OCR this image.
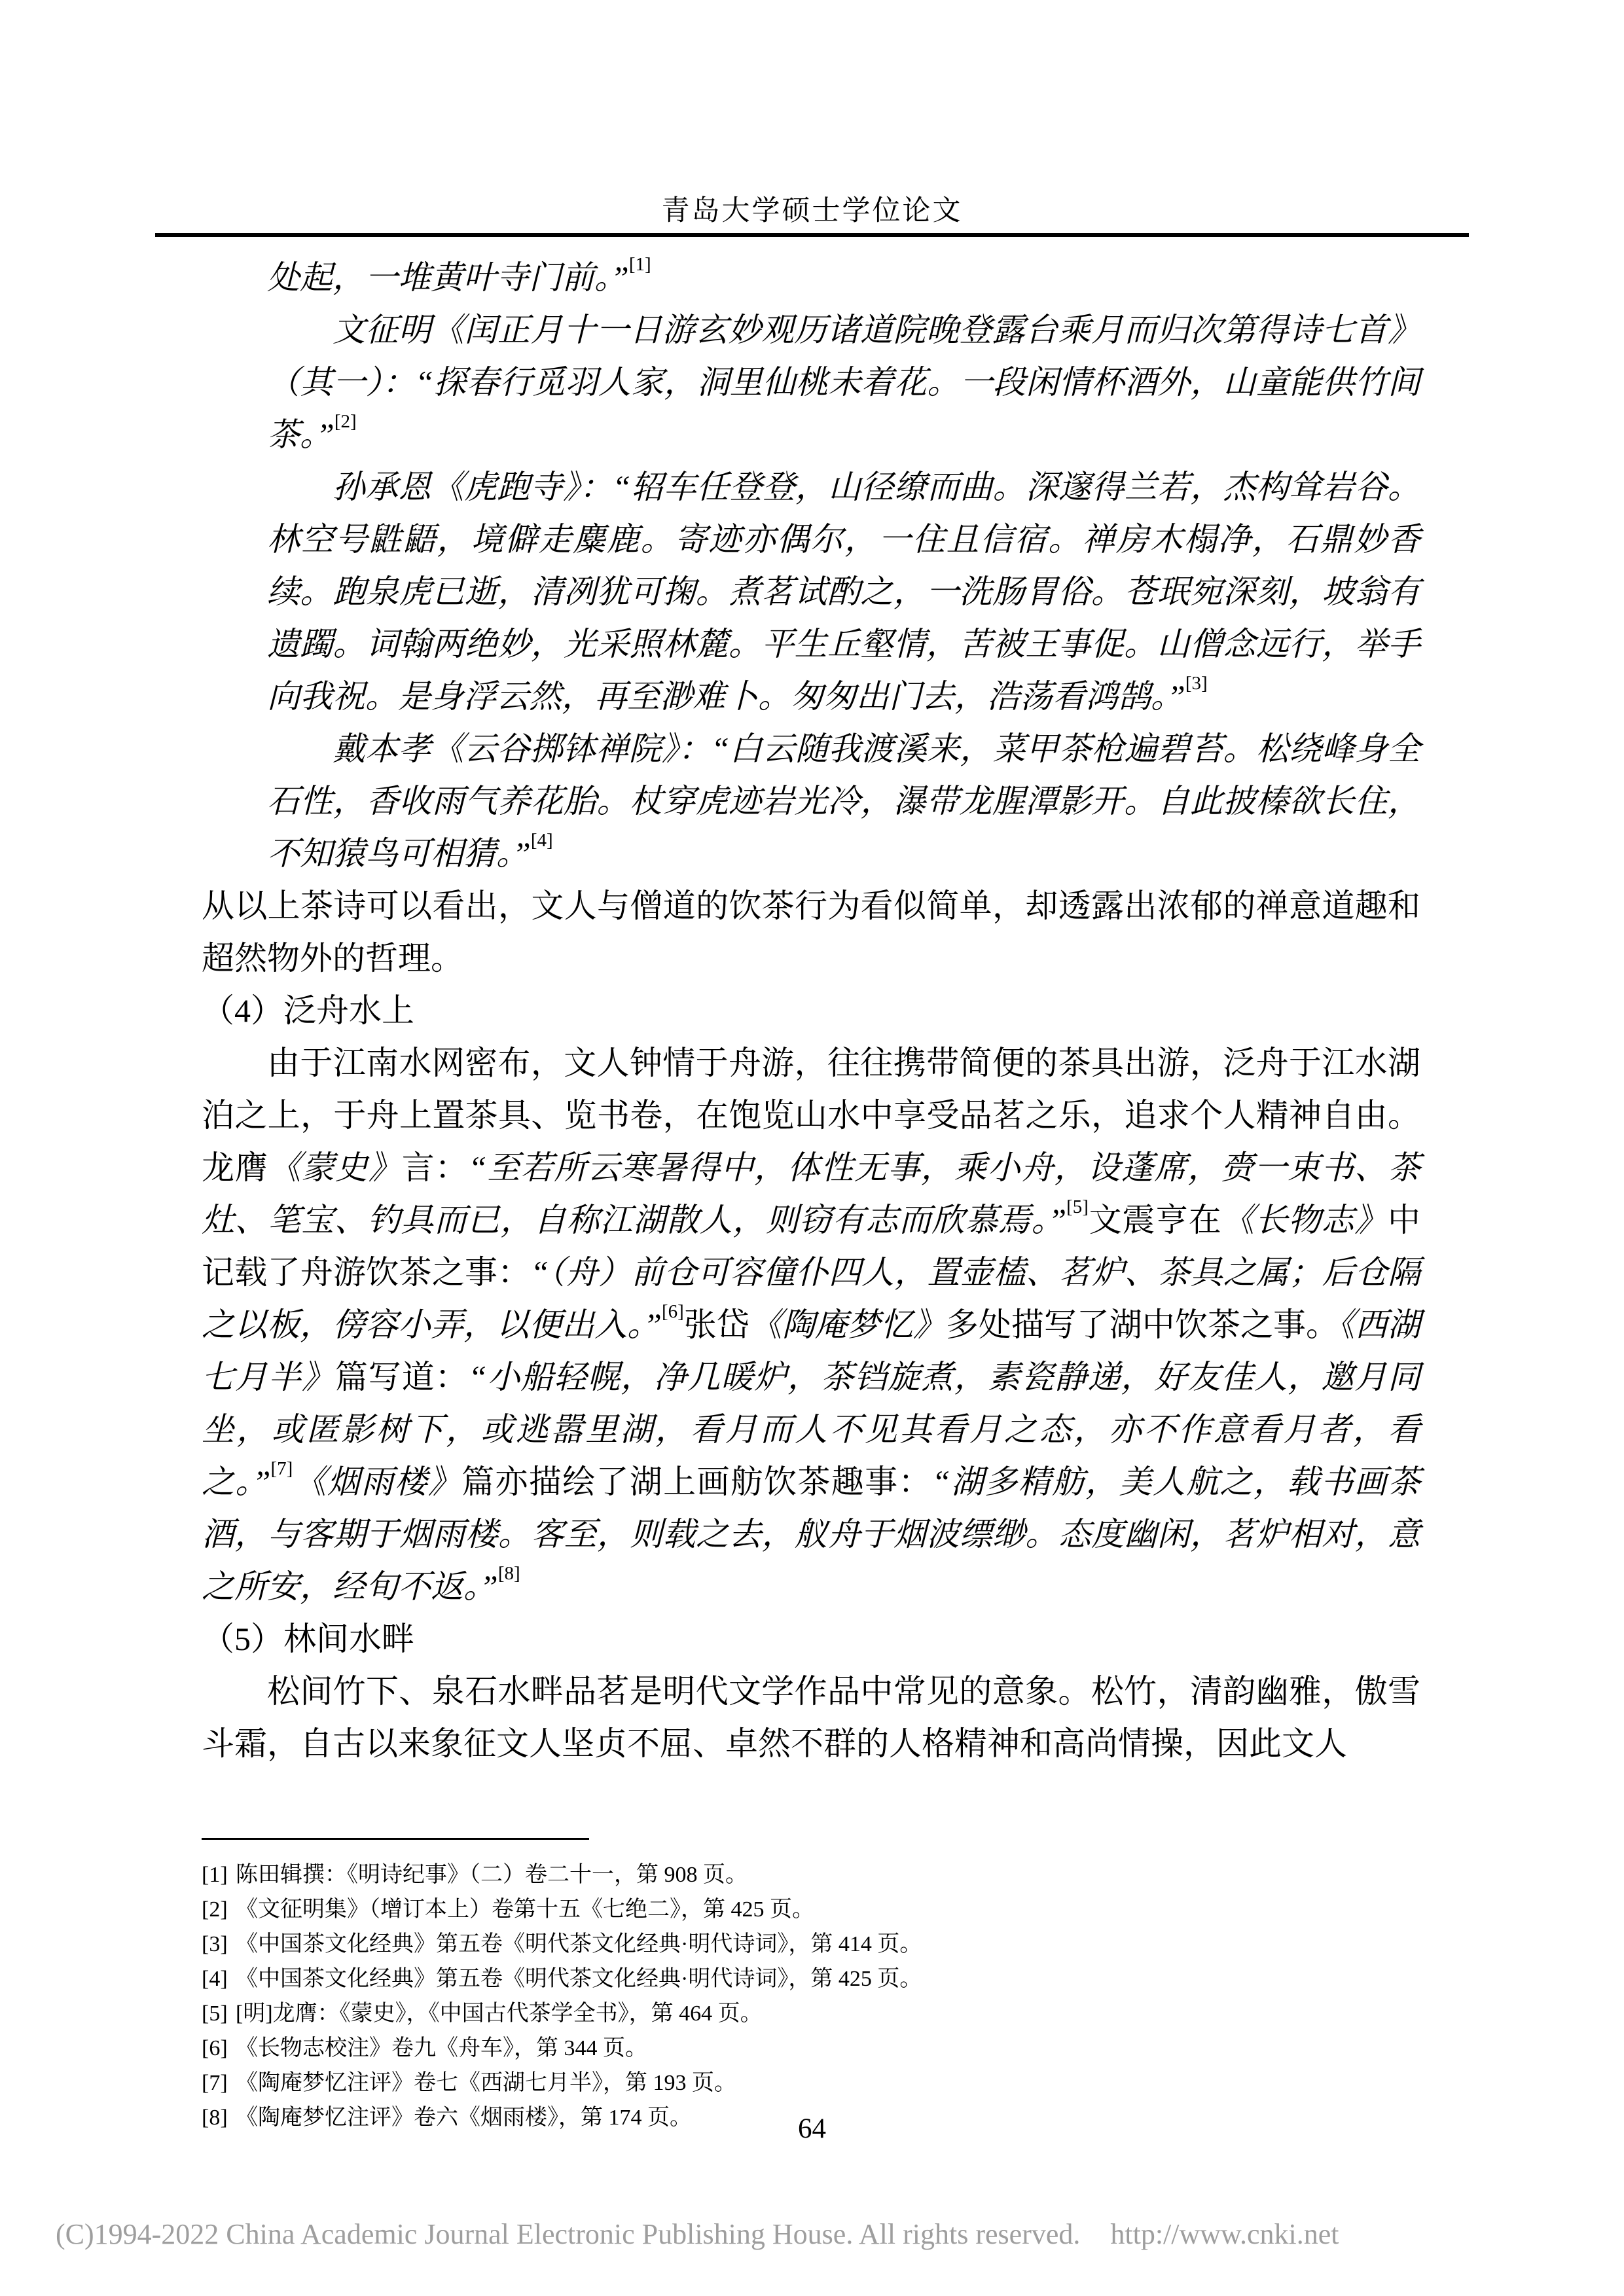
青岛大学硕士学位论文

处起，一堆黄叶寺门前。”[1]

文征明《闰正月十一日游玄妙观历诸道院晚登露台乘月而归次第得诗七首》（其一）：“探春行觅羽人家，洞里仙桃未着花。一段闲情杯酒外，山童能供竹间茶。”[2]

孙承恩《虎跑寺》：“轺车任登登，山径缭而曲。深邃得兰若，杰构耸岩谷。林空号鼪鼯，境僻走麋鹿。寄迹亦偶尔，一住且信宿。禅房木榻净，石鼎妙香续。跑泉虎已逝，清冽犹可掬。煮茗试酌之，一洗肠胃俗。苍珉宛深刻，坡翁有遗躅。词翰两绝妙，光采照林麓。平生丘壑情，苦被王事促。山僧念远行，举手向我祝。是身浮云然，再至渺难卜。匆匆出门去，浩荡看鸿鹄。”[3]

戴本孝《云谷掷钵禅院》：“白云随我渡溪来，菜甲茶枪遍碧苔。松绕峰身全石性，香收雨气养花胎。杖穿虎迹岩光冷，瀑带龙腥潭影开。自此披榛欲长住，不知猿鸟可相猜。”[4]

从以上茶诗可以看出，文人与僧道的饮茶行为看似简单，却透露出浓郁的禅意道趣和超然物外的哲理。

（4）泛舟水上

由于江南水网密布，文人钟情于舟游，往往携带简便的茶具出游，泛舟于江水湖泊之上，于舟上置茶具、览书卷，在饱览山水中享受品茗之乐，追求个人精神自由。龙膺《蒙史》言：“至若所云寒暑得中，体性无事，乘小舟，设蓬席，赍一束书、茶灶、笔宝、钓具而已，自称江湖散人，则窃有志而欣慕焉。”[5]文震亨在《长物志》中记载了舟游饮茶之事：“（舟）前仓可容僮仆四人，置壶榼、茗炉、茶具之属；后仓隔之以板，傍容小弄，以便出入。”[6]张岱《陶庵梦忆》多处描写了湖中饮茶之事。《西湖七月半》篇写道：“小船轻幌，净几暖炉，茶铛旋煮，素瓷静递，好友佳人，邀月同坐，或匿影树下，或逃嚣里湖，看月而人不见其看月之态，亦不作意看月者，看之。”[7]《烟雨楼》篇亦描绘了湖上画舫饮茶趣事：“湖多精舫，美人航之，载书画茶酒，与客期于烟雨楼。客至，则载之去，舣舟于烟波缥缈。态度幽闲，茗炉相对，意之所安，经旬不返。”[8]

（5）林间水畔

松间竹下、泉石水畔品茗是明代文学作品中常见的意象。松竹，清韵幽雅，傲雪斗霜，自古以来象征文人坚贞不屈、卓然不群的人格精神和高尚情操，因此文人

[1] 陈田辑撰：《明诗纪事》（二）卷二十一，第 908 页。
[2] 《文征明集》（增订本上）卷第十五《七绝二》，第 425 页。
[3] 《中国茶文化经典》第五卷《明代茶文化经典·明代诗词》，第 414 页。
[4] 《中国茶文化经典》第五卷《明代茶文化经典·明代诗词》，第 425 页。
[5] [明]龙膺：《蒙史》，《中国古代茶学全书》，第 464 页。
[6] 《长物志校注》卷九《舟车》，第 344 页。
[7] 《陶庵梦忆注评》卷七《西湖七月半》，第 193 页。
[8] 《陶庵梦忆注评》卷六《烟雨楼》，第 174 页。	64
(C)1994-2022 China Academic Journal Electronic Publishing House. All rights reserved. http://www.cnki.net
